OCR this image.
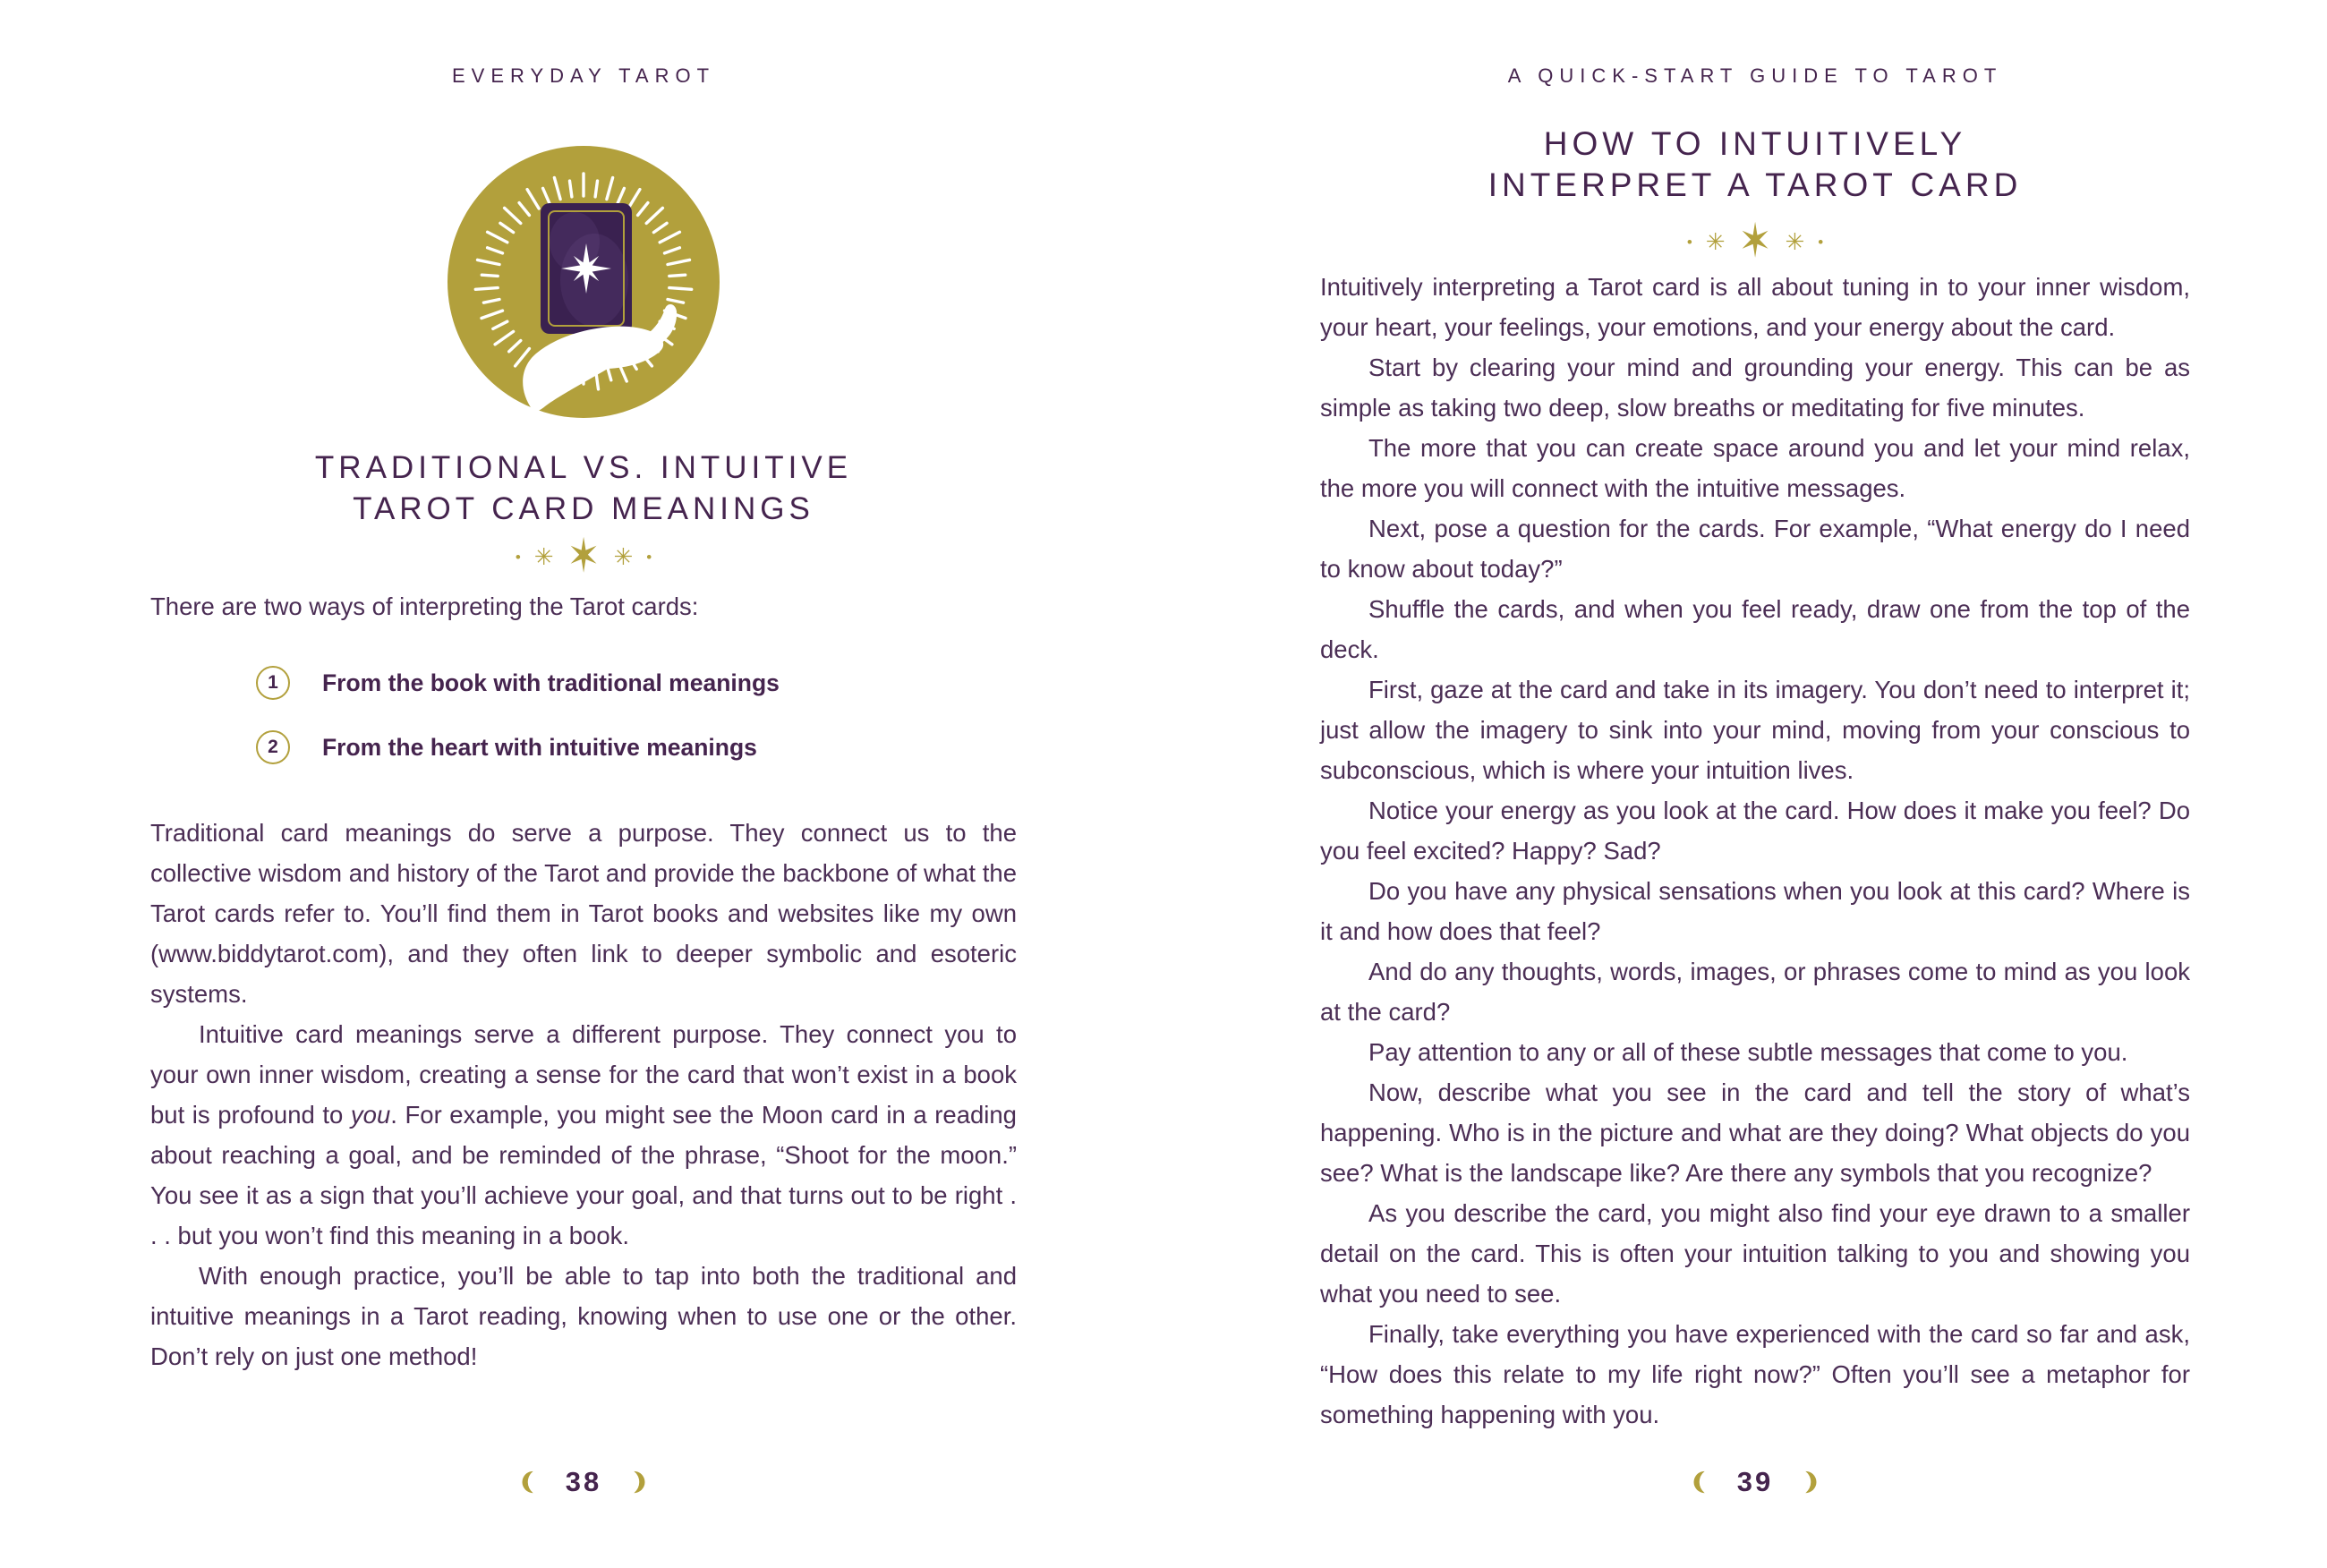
EVERYDAY TAROT
TRADITIONAL VS. INTUITIVE
TAROT CARD MEANINGS
• ✳ ✶ ✳ •

There are two ways of interpreting the Tarot cards:

1	From the book with traditional meanings
2	From the heart with intuitive meanings

Traditional card meanings do serve a purpose. They connect us to the collective wisdom and history of the Tarot and provide the backbone of what the Tarot cards refer to. You’ll find them in Tarot books and websites like my own (www.biddytarot.com), and they often link to deeper symbolic and esoteric systems.

Intuitive card meanings serve a different purpose. They connect you to your own inner wisdom, creating a sense for the card that won’t exist in a book but is profound to you. For example, you might see the Moon card in a reading about reaching a goal, and be reminded of the phrase, “Shoot for the moon.” You see it as a sign that you’ll achieve your goal, and that turns out to be right . . . but you won’t find this meaning in a book.

With enough practice, you’ll be able to tap into both the traditional and intuitive meanings in a Tarot reading, knowing when to use one or the other. Don’t rely on just one method!

38
A QUICK-START GUIDE TO TAROT
HOW TO INTUITIVELY
INTERPRET A TAROT CARD
• ✳ ✶ ✳ •

Intuitively interpreting a Tarot card is all about tuning in to your inner wisdom, your heart, your feelings, your emotions, and your energy about the card.

Start by clearing your mind and grounding your energy. This can be as simple as taking two deep, slow breaths or meditating for five minutes.

The more that you can create space around you and let your mind relax, the more you will connect with the intuitive messages.

Next, pose a question for the cards. For example, “What energy do I need to know about today?”

Shuffle the cards, and when you feel ready, draw one from the top of the deck.

First, gaze at the card and take in its imagery. You don’t need to interpret it; just allow the imagery to sink into your mind, moving from your conscious to subconscious, which is where your intuition lives.

Notice your energy as you look at the card. How does it make you feel? Do you feel excited? Happy? Sad?

Do you have any physical sensations when you look at this card? Where is it and how does that feel?

And do any thoughts, words, images, or phrases come to mind as you look at the card?

Pay attention to any or all of these subtle messages that come to you.

Now, describe what you see in the card and tell the story of what’s happening. Who is in the picture and what are they doing? What objects do you see? What is the landscape like? Are there any symbols that you recognize?

As you describe the card, you might also find your eye drawn to a smaller detail on the card. This is often your intuition talking to you and showing you what you need to see.

Finally, take everything you have experienced with the card so far and ask, “How does this relate to my life right now?” Often you’ll see a metaphor for something happening with you.

39
